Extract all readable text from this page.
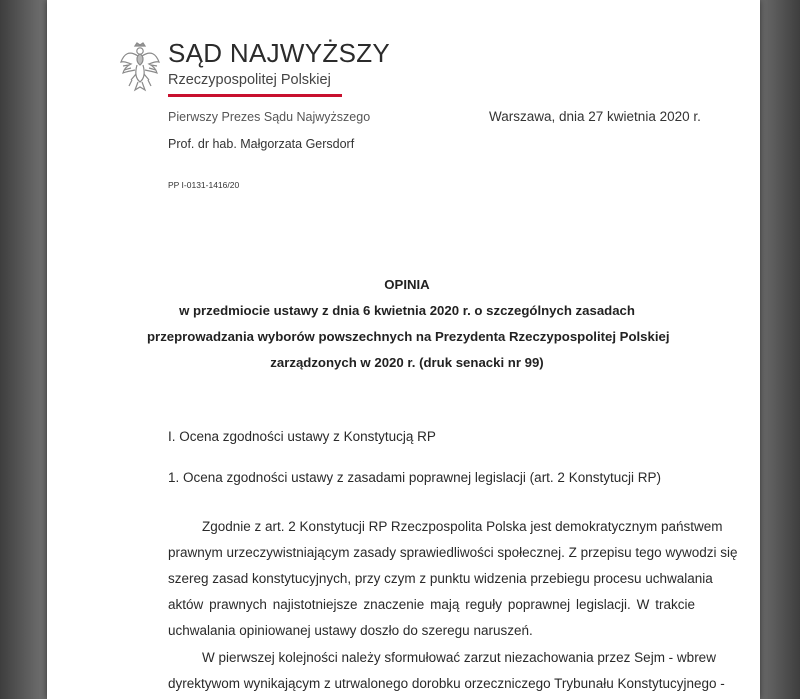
SĄD NAJWYŻSZY
Rzeczypospolitej Polskiej
Pierwszy Prezes Sądu Najwyższego	Warszawa, dnia 27 kwietnia 2020 r.
Prof. dr hab. Małgorzata Gersdorf
PP I-0131-1416/20
OPINIA
w przedmiocie ustawy z dnia 6 kwietnia 2020 r. o szczególnych zasadach
przeprowadzania wyborów powszechnych na Prezydenta Rzeczypospolitej Polskiej
zarządzonych w 2020 r. (druk senacki nr 99)
I. Ocena zgodności ustawy z Konstytucją RP
1. Ocena zgodności ustawy z zasadami poprawnej legislacji (art. 2 Konstytucji RP)
Zgodnie z art. 2 Konstytucji RP Rzeczpospolita Polska jest demokratycznym państwem
prawnym urzeczywistniającym zasady sprawiedliwości społecznej. Z przepisu tego wywodzi się
szereg zasad konstytucyjnych, przy czym z punktu widzenia przebiegu procesu uchwalania
aktów prawnych najistotniejsze znaczenie mają reguły poprawnej legislacji. W trakcie
uchwalania opiniowanej ustawy doszło do szeregu naruszeń.
W pierwszej kolejności należy sformułować zarzut niezachowania przez Sejm - wbrew
dyrektywom wynikającym z utrwalonego dorobku orzeczniczego Trybunału Konstytucyjnego -
